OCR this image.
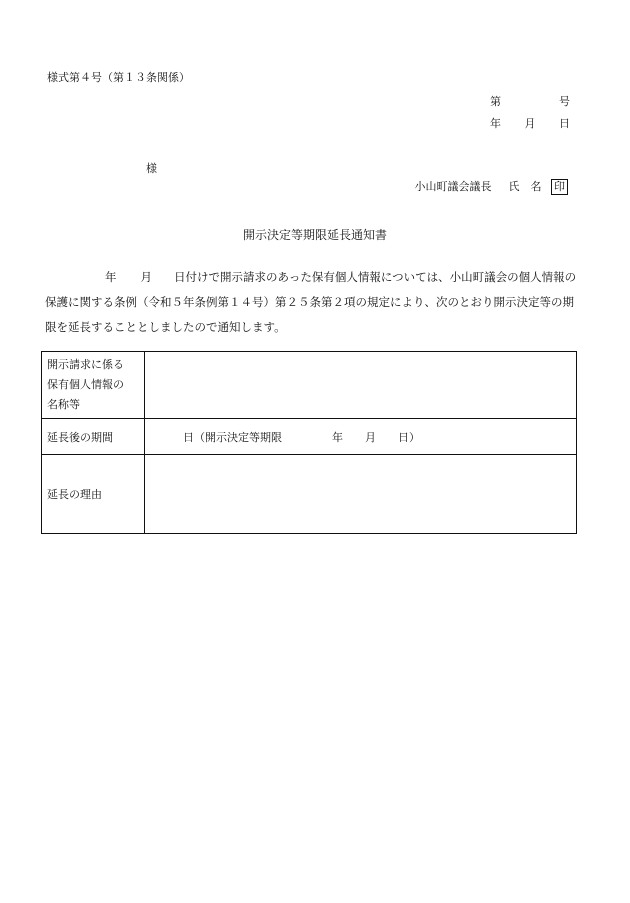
様式第４号（第１３条関係）
第	号
年 月 日
様
小山町議会議長 氏　名 印
開示決定等期限延長通知書
年 月 日付けで開示請求のあった保有個人情報については、小山町議会の個人情報の保護に関する条例（令和５年条例第１４号）第２５条第２項の規定により、次のとおり開示決定等の期限を延長することとしましたので通知します。
開示請求に係る
保有個人情報の
名称等	

延長後の期間	日（開示決定等期限 年 月 日）

延長の理由	
